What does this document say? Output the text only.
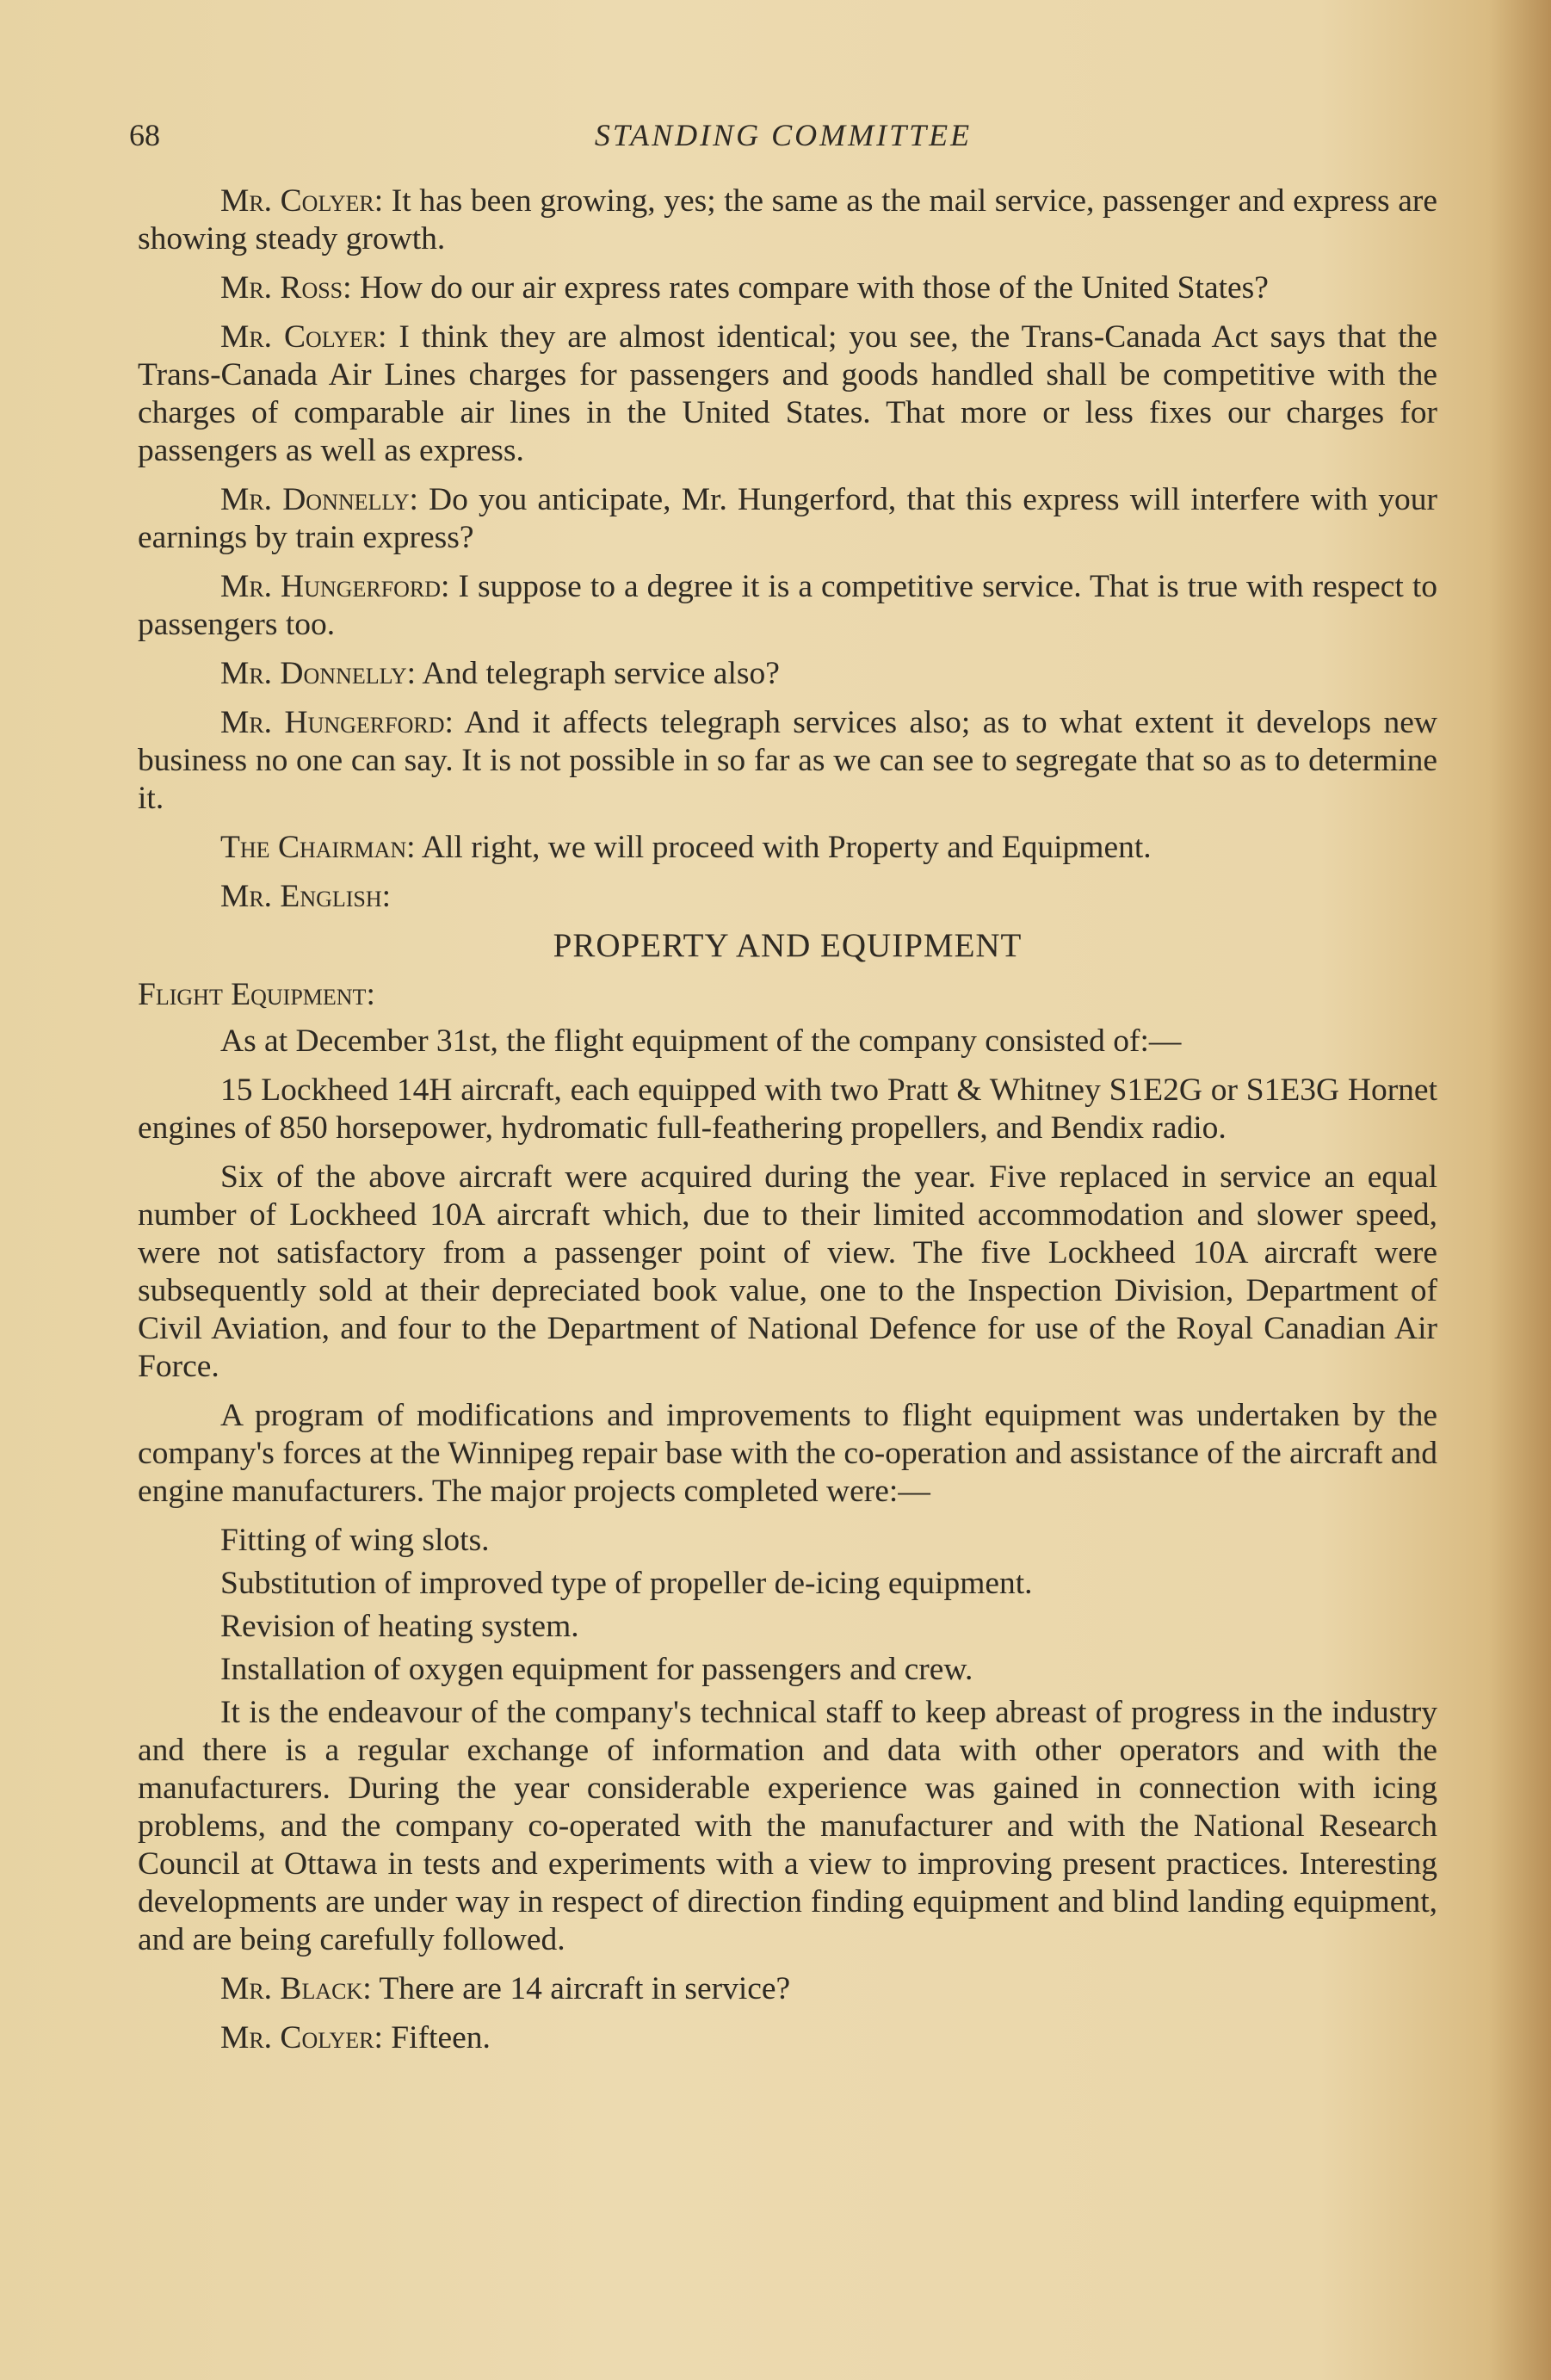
68	STANDING COMMITTEE

Mr. Colyer: It has been growing, yes; the same as the mail service, passenger and express are showing steady growth.

Mr. Ross: How do our air express rates compare with those of the United States?

Mr. Colyer: I think they are almost identical; you see, the Trans-Canada Act says that the Trans-Canada Air Lines charges for passengers and goods handled shall be competitive with the charges of comparable air lines in the United States. That more or less fixes our charges for passengers as well as express.

Mr. Donnelly: Do you anticipate, Mr. Hungerford, that this express will interfere with your earnings by train express?

Mr. Hungerford: I suppose to a degree it is a competitive service. That is true with respect to passengers too.

Mr. Donnelly: And telegraph service also?

Mr. Hungerford: And it affects telegraph services also; as to what extent it develops new business no one can say. It is not possible in so far as we can see to segregate that so as to determine it.

The Chairman: All right, we will proceed with Property and Equipment.

Mr. English:

PROPERTY AND EQUIPMENT

Flight Equipment:

As at December 31st, the flight equipment of the company consisted of:—

15 Lockheed 14H aircraft, each equipped with two Pratt & Whitney S1E2G or S1E3G Hornet engines of 850 horsepower, hydromatic full-feathering propellers, and Bendix radio.

Six of the above aircraft were acquired during the year. Five replaced in service an equal number of Lockheed 10A aircraft which, due to their limited accommodation and slower speed, were not satisfactory from a passenger point of view. The five Lockheed 10A aircraft were subsequently sold at their depreciated book value, one to the Inspection Division, Department of Civil Aviation, and four to the Department of National Defence for use of the Royal Canadian Air Force.

A program of modifications and improvements to flight equipment was undertaken by the company's forces at the Winnipeg repair base with the co-operation and assistance of the aircraft and engine manufacturers. The major projects completed were:—

Fitting of wing slots.

Substitution of improved type of propeller de-icing equipment.

Revision of heating system.

Installation of oxygen equipment for passengers and crew.

It is the endeavour of the company's technical staff to keep abreast of progress in the industry and there is a regular exchange of information and data with other operators and with the manufacturers. During the year considerable experience was gained in connection with icing problems, and the company co-operated with the manufacturer and with the National Research Council at Ottawa in tests and experiments with a view to improving present practices. Interesting developments are under way in respect of direction finding equipment and blind landing equipment, and are being carefully followed.

Mr. Black: There are 14 aircraft in service?

Mr. Colyer: Fifteen.
